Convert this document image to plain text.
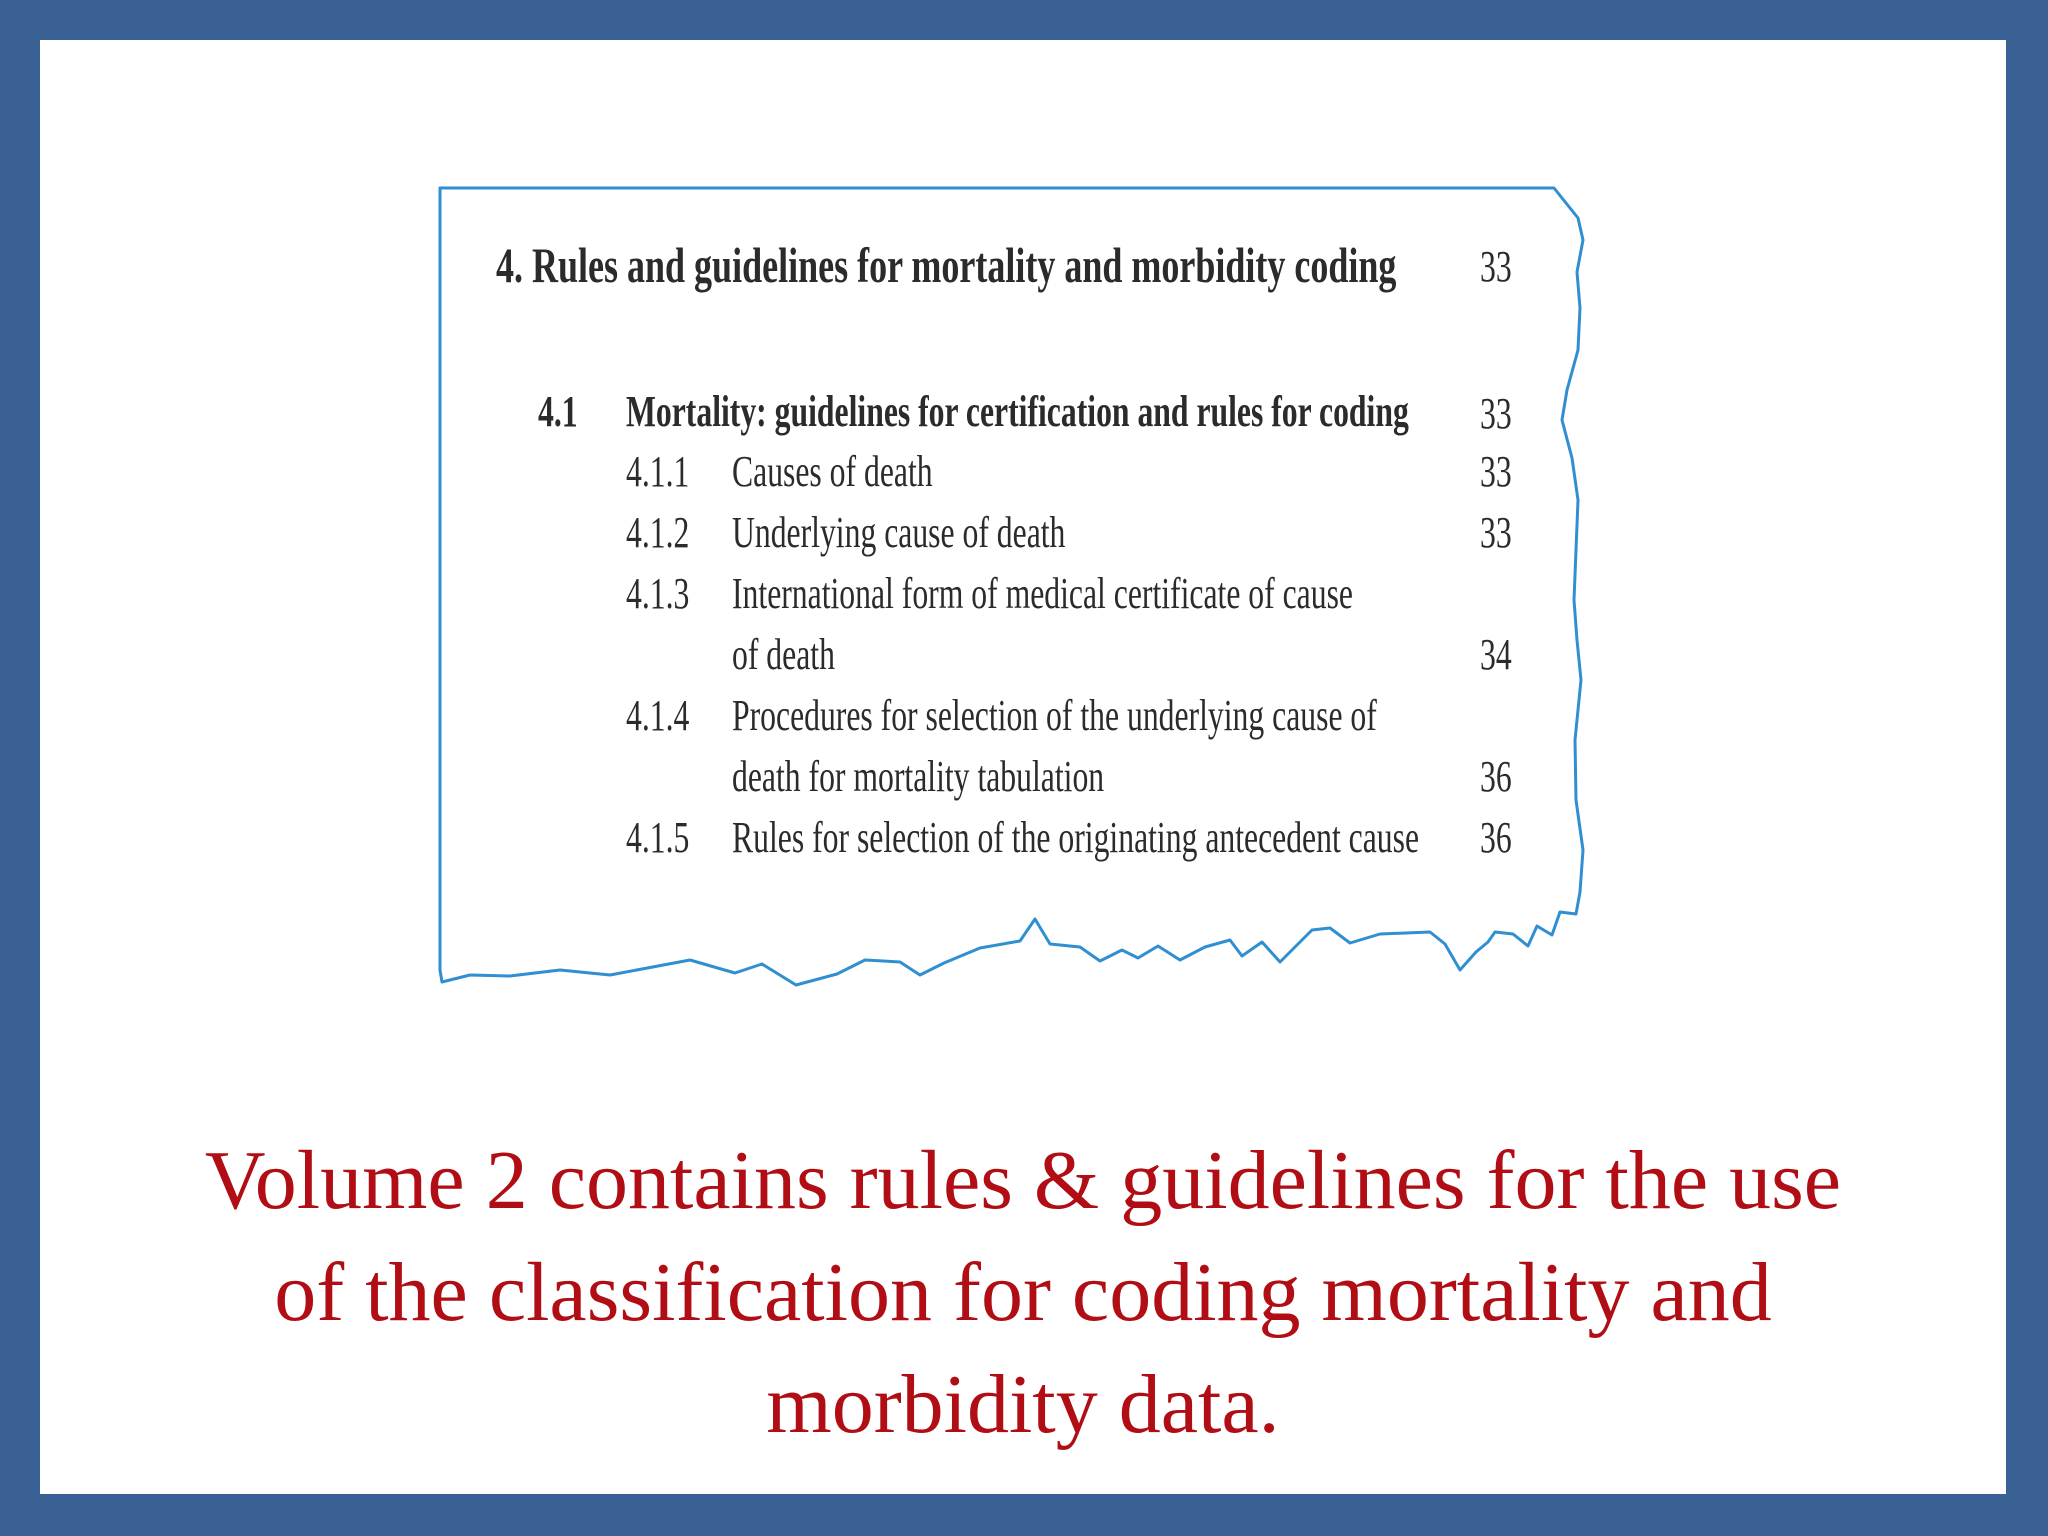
4. Rules and guidelines for mortality and morbidity coding 33
4.1 Mortality: guidelines for certification and rules for coding 33
4.1.1 Causes of death	33
4.1.2 Underlying cause of death	33
4.1.3 International form of medical certificate of cause
of death	34
4.1.4 Procedures for selection of the underlying cause of
death for mortality tabulation	36
4.1.5 Rules for selection of the originating antecedent cause 36
Volume 2 contains rules & guidelines for the use
of the classification for coding mortality and
morbidity data.
